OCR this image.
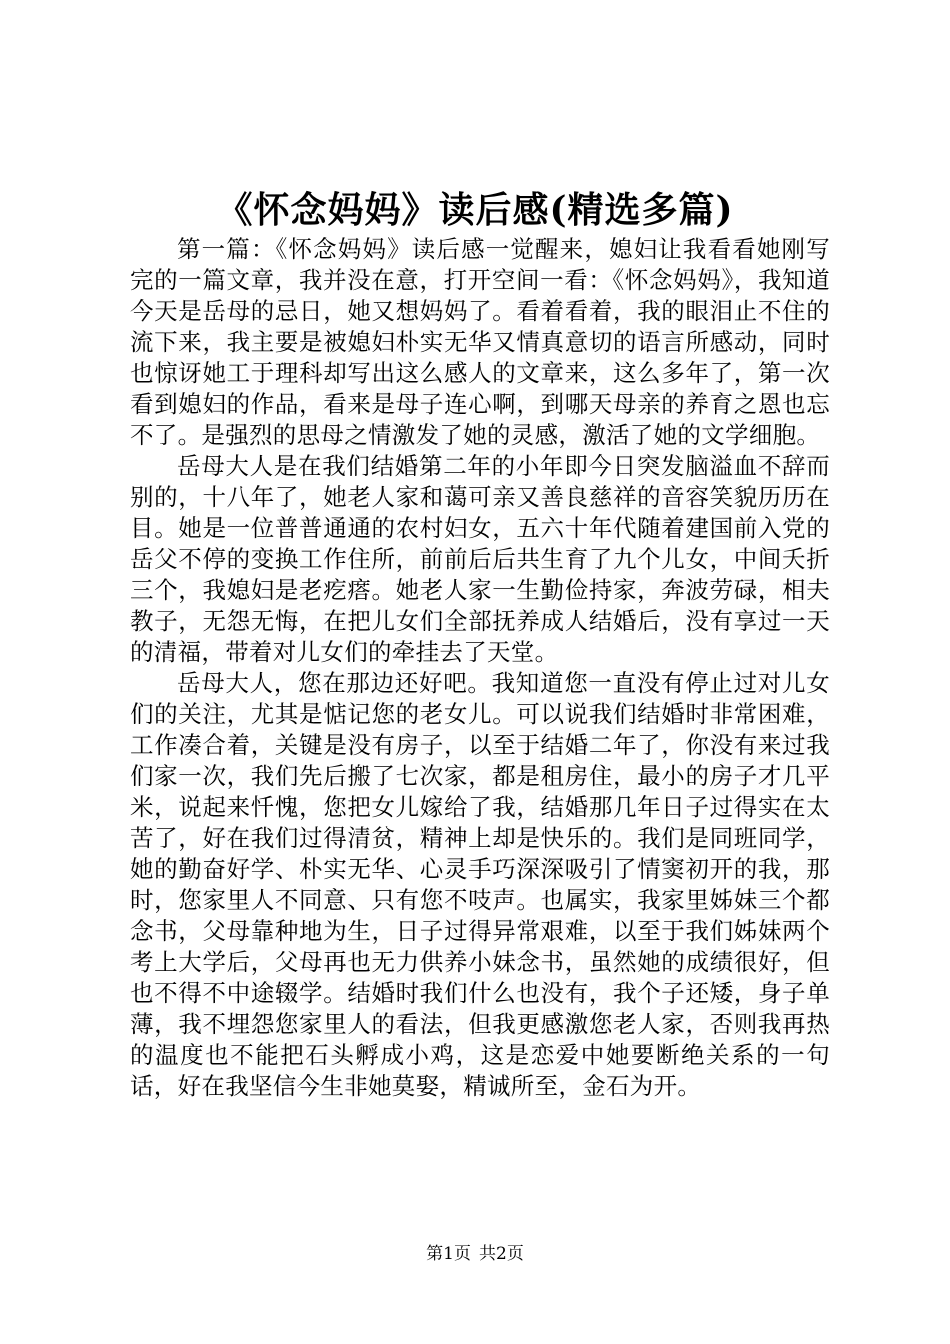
《怀念妈妈》读后感(精选多篇)

第一篇：《怀念妈妈》读后感一觉醒来，媳妇让我看看她刚写完的一篇文章，我并没在意，打开空间一看：《怀念妈妈》，我知道今天是岳母的忌日，她又想妈妈了。看着看着，我的眼泪止不住的流下来，我主要是被媳妇朴实无华又情真意切的语言所感动，同时也惊讶她工于理科却写出这么感人的文章来，这么多年了，第一次看到媳妇的作品，看来是母子连心啊，到哪天母亲的养育之恩也忘不了。是强烈的思母之情激发了她的灵感，激活了她的文学细胞。

岳母大人是在我们结婚第二年的小年即今日突发脑溢血不辞而别的，十八年了，她老人家和蔼可亲又善良慈祥的音容笑貌历历在目。她是一位普普通通的农村妇女，五六十年代随着建国前入党的岳父不停的变换工作住所，前前后后共生育了九个儿女，中间夭折三个，我媳妇是老疙瘩。她老人家一生勤俭持家，奔波劳碌，相夫教子，无怨无悔，在把儿女们全部抚养成人结婚后，没有享过一天的清福，带着对儿女们的牵挂去了天堂。

岳母大人，您在那边还好吧。我知道您一直没有停止过对儿女们的关注，尤其是惦记您的老女儿。可以说我们结婚时非常困难，工作凑合着，关键是没有房子，以至于结婚二年了，你没有来过我们家一次，我们先后搬了七次家，都是租房住，最小的房子才几平米，说起来忏愧，您把女儿嫁给了我，结婚那几年日子过得实在太苦了，好在我们过得清贫，精神上却是快乐的。我们是同班同学，她的勤奋好学、朴实无华、心灵手巧深深吸引了情窦初开的我，那时，您家里人不同意、只有您不吱声。也属实，我家里姊妹三个都念书，父母靠种地为生，日子过得异常艰难，以至于我们姊妹两个考上大学后，父母再也无力供养小妹念书，虽然她的成绩很好，但也不得不中途辍学。结婚时我们什么也没有，我个子还矮，身子单薄，我不埋怨您家里人的看法，但我更感激您老人家，否则我再热的温度也不能把石头孵成小鸡，这是恋爱中她要断绝关系的一句话，好在我坚信今生非她莫娶，精诚所至，金石为开。

第1页 共2页
